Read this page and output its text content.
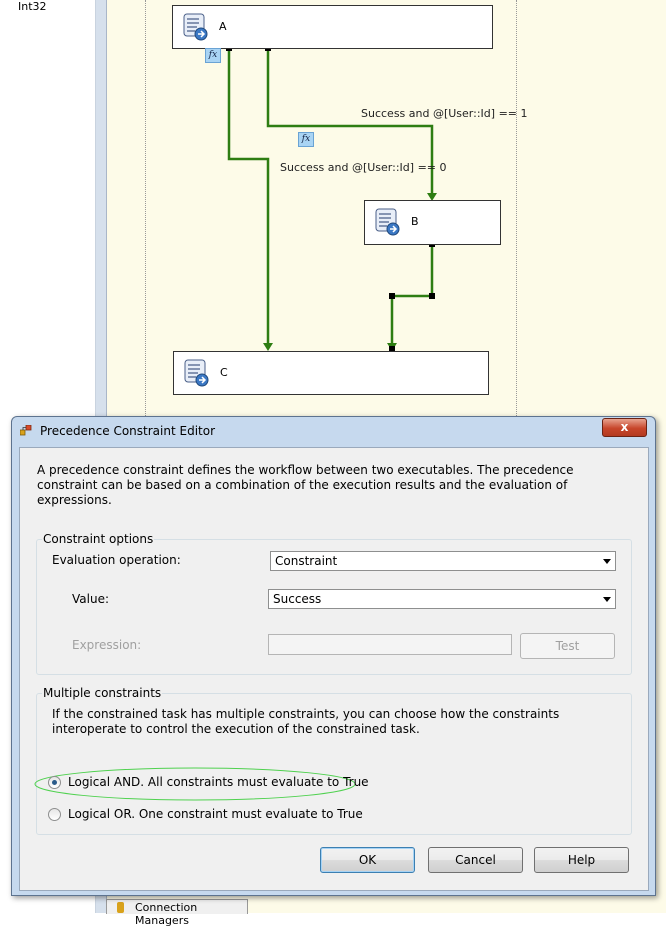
Int32
A
B
C
fx
fx
Success and @[User::Id] == 1
Success and @[User::Id] == 0
Connection Managers
Precedence Constraint Editor	x
A precedence constraint defines the workflow between two executables. The precedence constraint can be based on a combination of the execution results and the evaluation of expressions.
Constraint options
Evaluation operation:	Constraint
Value:	Success
Expression:	Test
Multiple constraints
If the constrained task has multiple constraints, you can choose how the constraints interoperate to control the execution of the constrained task.
Logical AND. All constraints must evaluate to True
Logical OR. One constraint must evaluate to True
OK	Cancel	Help
